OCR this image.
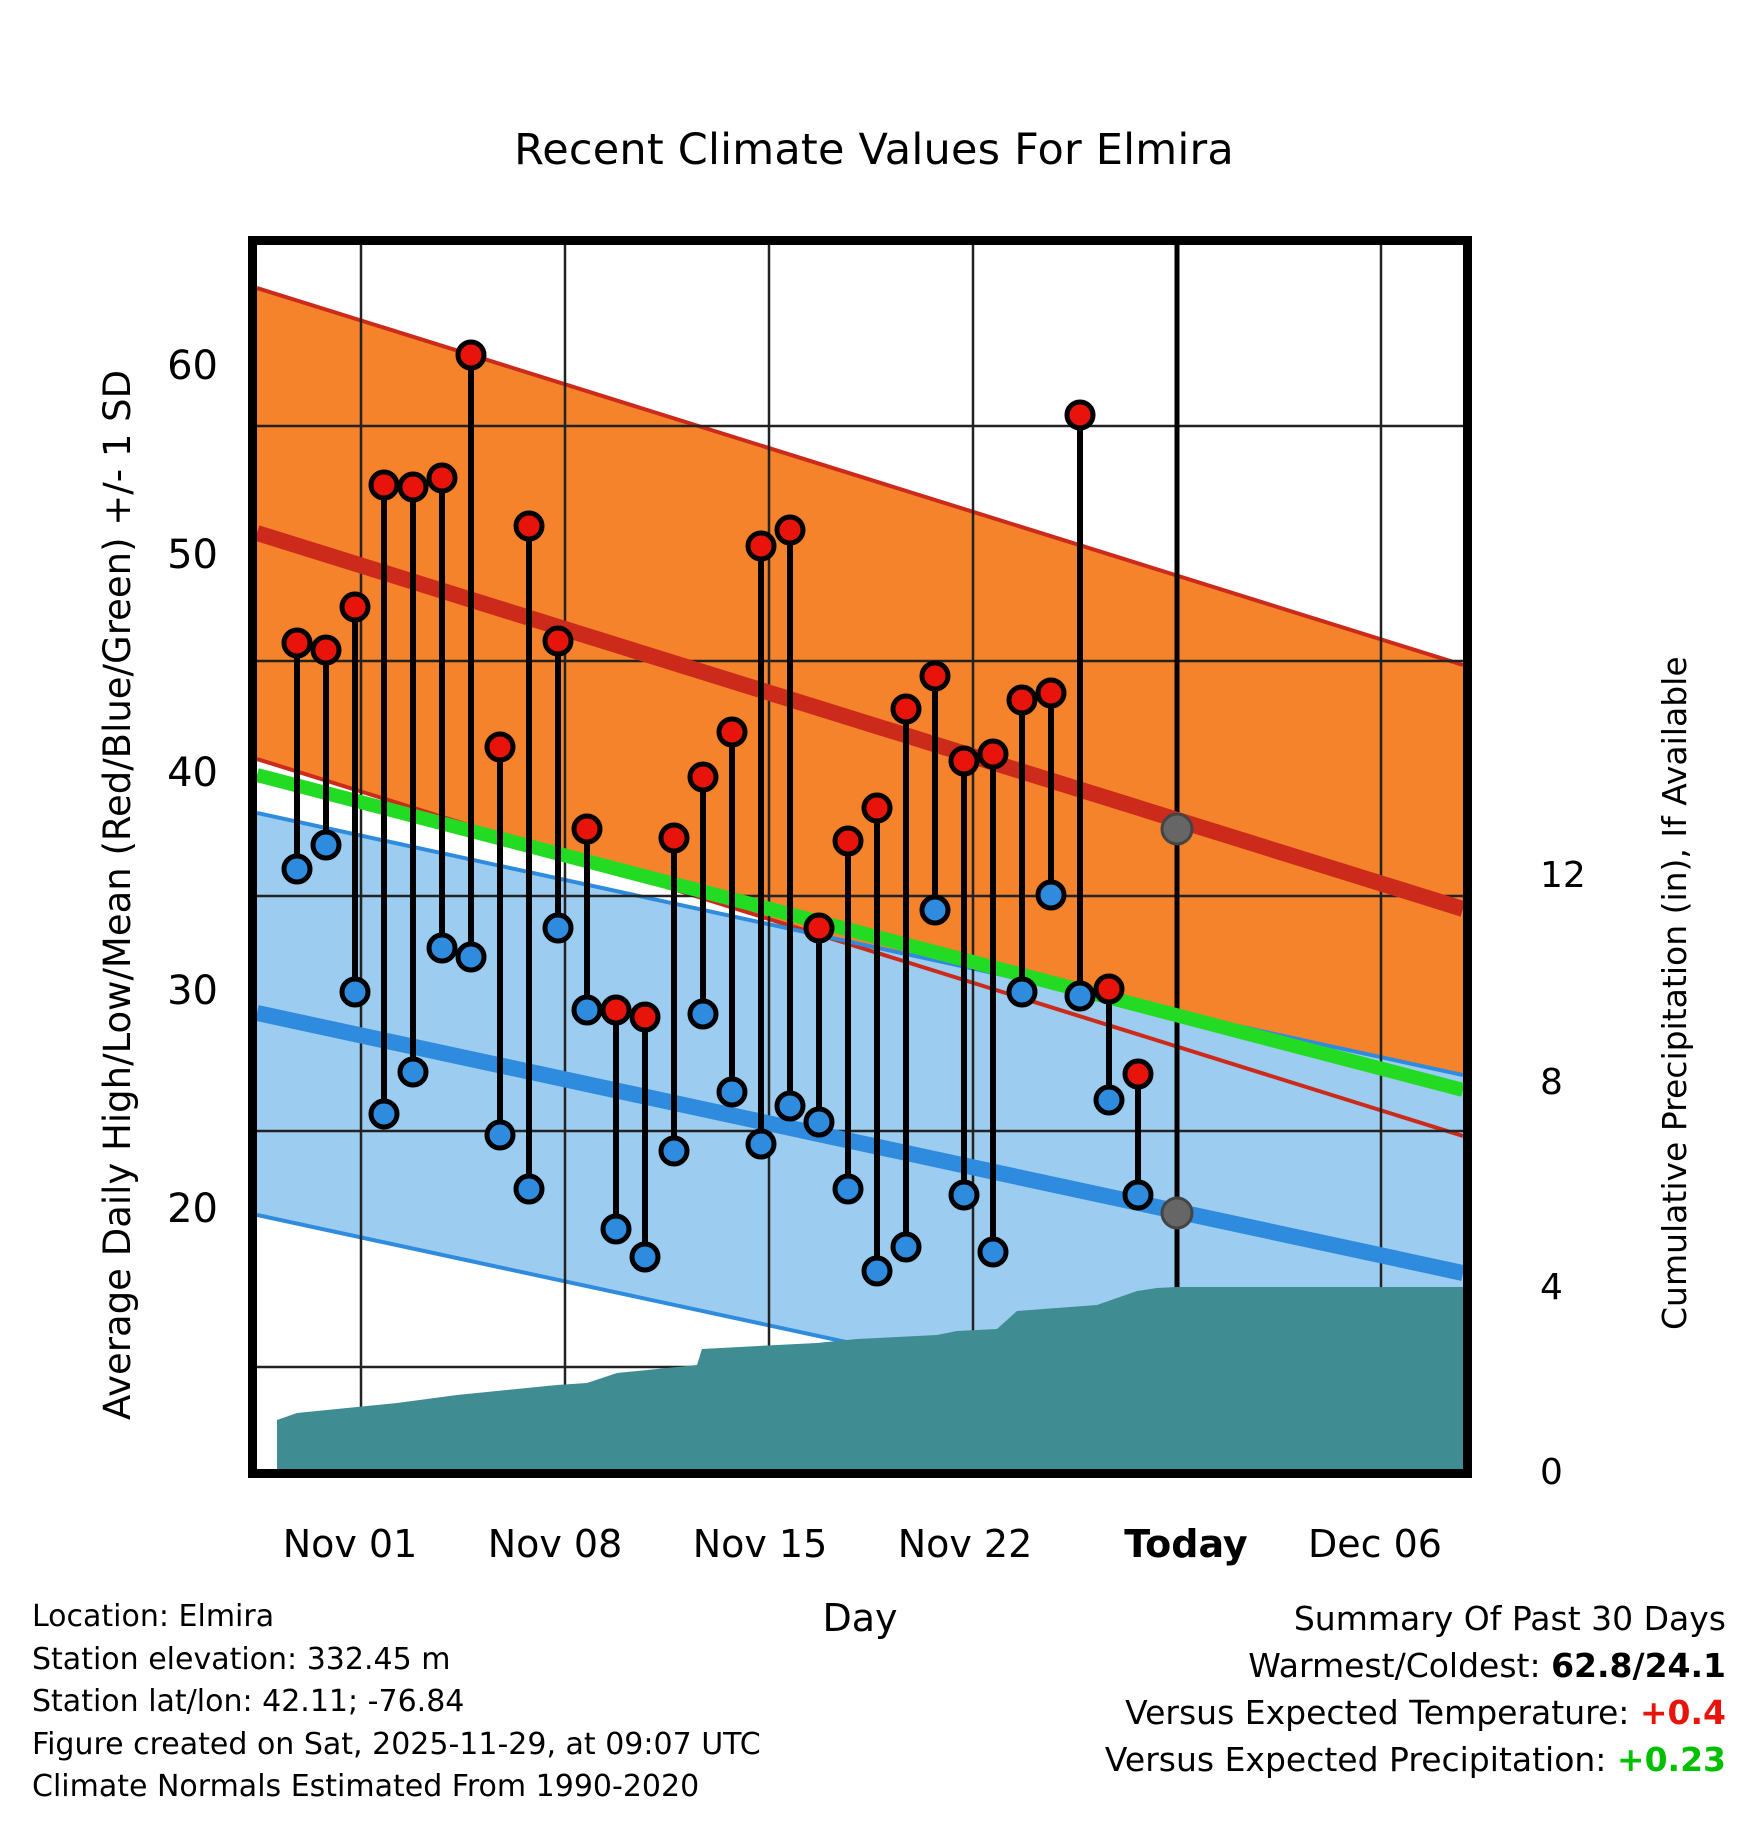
Recent Climate Values For Elmira
Average Daily High/Low/Mean (Red/Blue/Green) +/- 1 SD	Cumulative Precipitation (in), If Available
20
30
40
50
60
0
4
8
12
Nov 01	Nov 08	Nov 15	Nov 22	Today	Dec 06
Day
Location: Elmira
Station elevation: 332.45 m
Station lat/lon: 42.11; -76.84
Figure created on Sat, 2025-11-29, at 09:07 UTC
Climate Normals Estimated From 1990-2020
Summary Of Past 30 Days
Warmest/Coldest: 62.8/24.1
Versus Expected Temperature: +0.4
Versus Expected Precipitation: +0.23
